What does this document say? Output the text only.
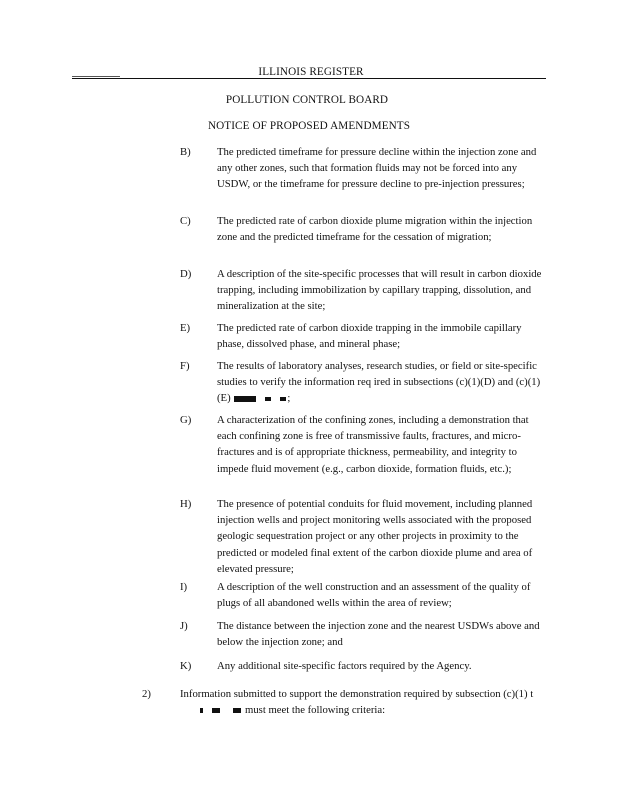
ILLINOIS REGISTER
POLLUTION CONTROL BOARD
NOTICE OF PROPOSED AMENDMENTS
B) The predicted timeframe for pressure decline within the injection zone and any other zones, such that formation fluids may not be forced into any USDW, or the timeframe for pressure decline to pre-injection pressures;
C) The predicted rate of carbon dioxide plume migration within the injection zone and the predicted timeframe for the cessation of migration;
D) A description of the site-specific processes that will result in carbon dioxide trapping, including immobilization by capillary trapping, dissolution, and mineralization at the site;
E)	The predicted rate of carbon dioxide trapping in the immobile capillary phase, dissolved phase, and mineral phase;
F)	The results of laboratory analyses, research studies, or field or site-specific studies to verify the information req ired in subsections (c)(1)(D) and (c)(1)(E)	;
G) A characterization of the confining zones, including a demonstration that each confining zone is free of transmissive faults, fractures, and micro-fractures and is of appropriate thickness, permeability, and integrity to impede fluid movement (e.g., carbon dioxide, formation fluids, etc.);
H) The presence of potential conduits for fluid movement, including planned injection wells and project monitoring wells associated with the proposed geologic sequestration project or any other projects in proximity to the predicted or modeled final extent of the carbon dioxide plume and area of elevated pressure;
I)	A description of the well construction and an assessment of the quality of plugs of all abandoned wells within the area of review;
J)	The distance between the injection zone and the nearest USDWs above and below the injection zone; and
K) Any additional site-specific factors required by the Agency.
2)	Information submitted to support the demonstration required by subsection (c)(1) t must meet the following criteria:
